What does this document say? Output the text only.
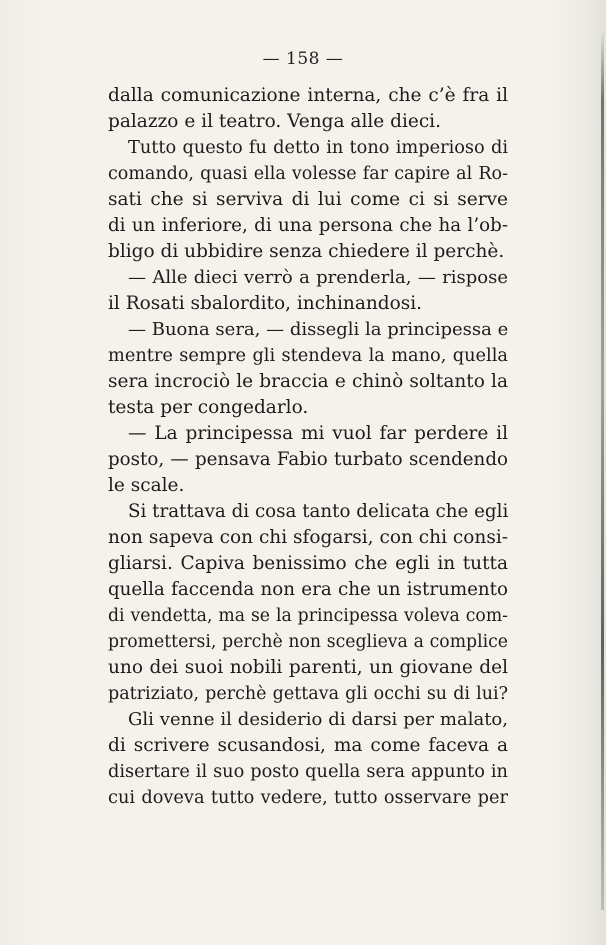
— 158 —
dalla comunicazione interna, che c’è fra il
palazzo e il teatro. Venga alle dieci.
Tutto questo fu detto in tono imperioso di
comando, quasi ella volesse far capire al Ro-
sati che si serviva di lui come ci si serve
di un inferiore, di una persona che ha l’ob-
bligo di ubbidire senza chiedere il perchè.
— Alle dieci verrò a prenderla, — rispose
il Rosati sbalordito, inchinandosi.
— Buona sera, — dissegli la principessa e
mentre sempre gli stendeva la mano, quella
sera incrociò le braccia e chinò soltanto la
testa per congedarlo.
— La principessa mi vuol far perdere il
posto, — pensava Fabio turbato scendendo
le scale.
Si trattava di cosa tanto delicata che egli
non sapeva con chi sfogarsi, con chi consi-
gliarsi. Capiva benissimo che egli in tutta
quella faccenda non era che un istrumento
di vendetta, ma se la principessa voleva com-
promettersi, perchè non sceglieva a complice
uno dei suoi nobili parenti, un giovane del
patriziato, perchè gettava gli occhi su di lui?
Gli venne il desiderio di darsi per malato,
di scrivere scusandosi, ma come faceva a
disertare il suo posto quella sera appunto in
cui doveva tutto vedere, tutto osservare per
